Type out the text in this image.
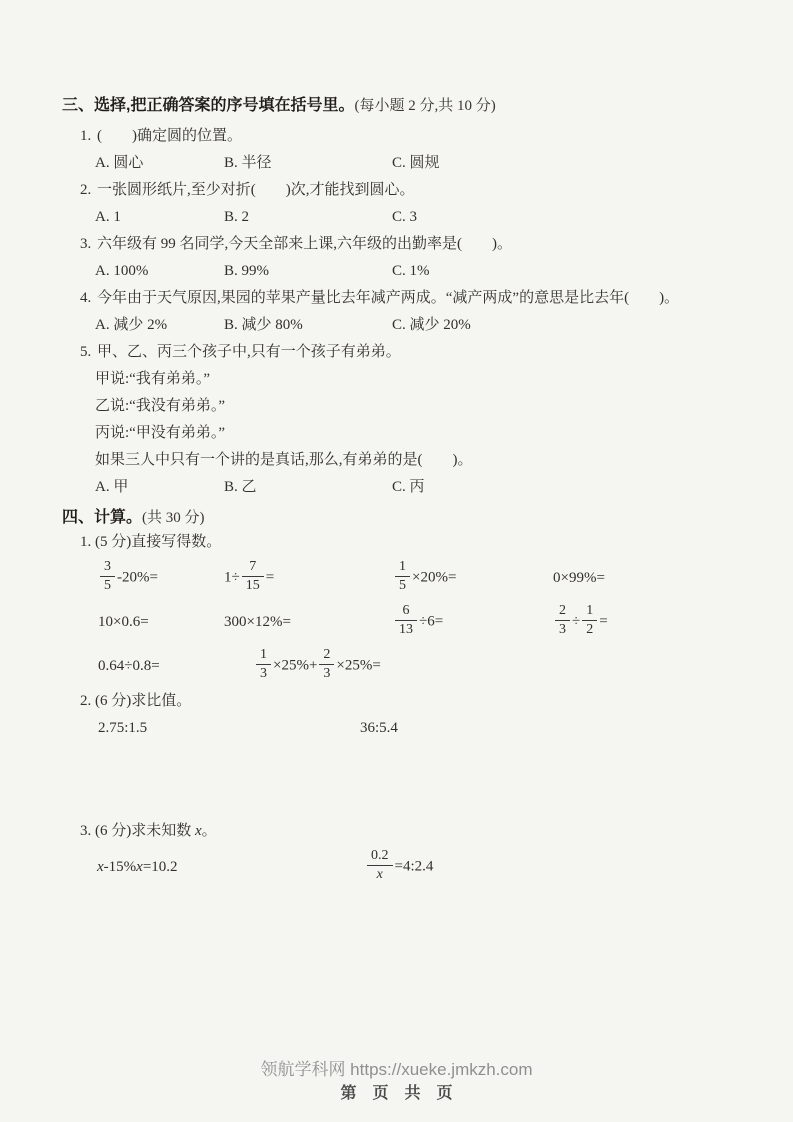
三、选择,把正确答案的序号填在括号里。(每小题 2 分,共 10 分)
1. (　　)确定圆的位置。
A. 圆心	B. 半径	C. 圆规
2. 一张圆形纸片,至少对折(　　)次,才能找到圆心。
A. 1	B. 2	C. 3
3. 六年级有 99 名同学,今天全部来上课,六年级的出勤率是(　　)。
A. 100%	B. 99%	C. 1%
4. 今年由于天气原因,果园的苹果产量比去年减产两成。“减产两成”的意思是比去年(　　)。
A. 减少 2%	B. 减少 80%	C. 减少 20%
5. 甲、乙、丙三个孩子中,只有一个孩子有弟弟。
甲说:“我有弟弟。”
乙说:“我没有弟弟。”
丙说:“甲没有弟弟。”
如果三人中只有一个讲的是真话,那么,有弟弟的是(　　)。
A. 甲	B. 乙	C. 丙
四、计算。(共 30 分)
1. (5 分)直接写得数。
$\frac{3}{5} -20\%=$	$1\div \frac{7}{15}$ =	$\frac{1}{5} \times 20\%=$	0×99%=
10×0.6=	300×12%=	$\frac{6}{13} \div 6=$	$\frac{2}{3} \div \frac{1}{2}$ =
0.64÷0.8=	$\frac{1}{3} \times 25\%+ \frac{2}{3} \times 25\%=$
2. (6 分)求比值。
2.75:1.5	36:5.4
3. (6 分)求未知数 x。
x-15%x=10.2	$\frac{0.2}{x}$ =4:2.4
领航学科网 https://xueke.jmkzh.com
第　页　共　页
